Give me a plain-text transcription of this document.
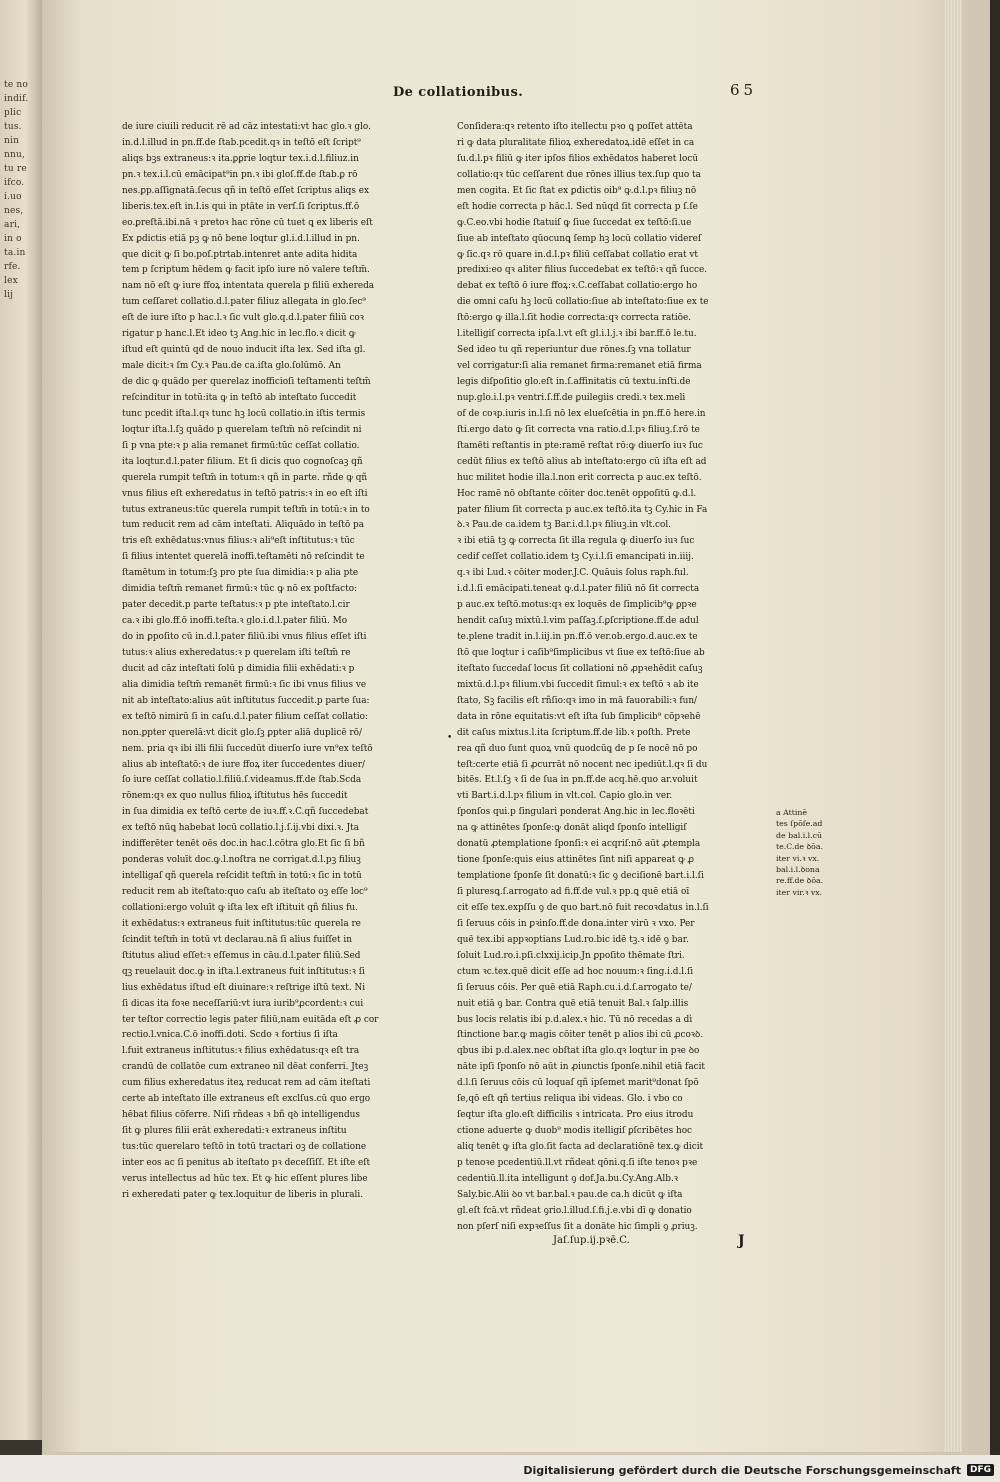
te no
indif.
plic
tus.
nin
nnu,
tu re
ifco.
i.uo
nes,
ari,
in o
ta.in
rfe.
lex
lij
De collationibus.	65
de iure ciuili reducit rē ad cāz intestati:vt hac glo.ꝛ glo.
in.d.l.illud in pn.ff.de ſtab.pcedit.qꝛ in teſtō eſt ſcript⁹
aliqs bꝫs extraneus:ꝛ ita.ꝑꝑrie loqtur tex.i.d.l.filiuz.in
pn.ꝛ tex.i.l.cū emācipat⁹in pn.ꝛ ibi gloſ.ff.de ſtab.ꝑ rō
nes.ꝑp.aſſignatā.ſecus qñ in teſtō eſſet ſcriptus aliqs ex
liberis.tex.eſt in.l.is qui in ptāte in verſ.ſi ſcriptus.ff.ō
eo.ꝑreſtā.ibi.nā ꝛ pretoꝛ hac rōne cū tuet ꝗ ex liberis eſt
Ex ꝑdictis etiā pꝫ ꝙ nō bene loqtur gl.i.d.l.illud in pn.
que dicit ꝙ ſi bo.poſ.ptrtab.intenret ante adita hidita
tem p ſcriptum hēdem ꝙ facit ipſo iure nō valere teſtm̄.
nam nō eſt ꝙ iure ffoꝝ intentata querela p filiū exhereda
tum ceſſaret collatio.d.l.pater filiuz allegata in glo.ſec⁹
eſt de iure iſto p hac.l.ꝛ ſic vult glo.q.d.l.pater filiū coꝛ
rigatur p hanc.l.Et ideo tꝫ Ang.hic in lec.flo.ꝛ dicit ꝙ
iſtud eſt quintū qd de nouo inducit iſta lex. Sed iſta gl.
male dicit:ꝛ ſm Cy.ꝛ Pau.de ca.iſta glo.ſolūmō. An
de dic ꝙ quādo per querelaz inofficioſi teſtamenti teſtm̄
reſcinditur in totū:ita ꝙ in teſtō ab inteſtato ſuccedit
tunc pcedit iſta.l.qꝛ tunc hꝫ locū collatio.in iſtis termis
loqtur iſta.l.ſꝫ quādo p querelam teſtm̄ nō reſcindit ni
ſi p vna pte:ꝛ p alia remanet firmū:tūc ceſſat collatio.
ita loqtur.d.l.pater filium. Et ſi dicis quo cognoſcaꝫ qñ
querela rumpit teſtm̄ in totum:ꝛ qñ in parte. rñde ꝙ qñ
vnus filius eſt exheredatus in teſtō patris:ꝛ in eo eſt iſti
tutus extraneus:tūc querela rumpit teſtm̄ in totū:ꝛ in to
tum reducit rem ad cām inteſtati. Aliquādo in teſtō pa
tris eſt exhēdatus:vnus filius:ꝛ ali⁹eſt inſtitutus:ꝛ tūc
ſi filius intentet querelā inoffi.teſtamēti nō reſcindit te
ſtamētum in totum:ſꝫ pro pte ſua dimidia:ꝛ p alia pte
dimidia teſtm̄ remanet firmū:ꝛ tūc ꝙ nō ex poſtfacto:
pater decedit.p parte teſtatus:ꝛ p pte inteſtato.l.cir
ca.ꝛ ibi glo.ff.ō inoffi.teſta.ꝛ glo.i.d.l.pater filiū. Mo
do in ꝑpoſito cū in.d.l.pater filiū.ibi vnus filius eſſet iſti
tutus:ꝛ alius exheredatus:ꝛ p querelam iſti teſtm̄ re
ducit ad cāz inteſtati ſolū p dimidia filii exhēdati:ꝛ p
alia dimidia teſtm̄ remanēt firmū:ꝛ ſic ibi vnus filius ve
nit ab inteſtato:alius aūt inſtitutus ſuccedit.p parte ſua:
ex teſtō nimirū ſi in caſu.d.l.pater filium ceſſat collatio:
non.ꝑpter querelā:vt dicit glo.ſꝫ ꝑpter aliā duplicē rō/
nem. pria qꝛ ibi illi filii ſuccedūt diuerſo iure vn⁹ex teſtō
alius ab inteſtatō:ꝛ de iure ffoꝝ iter ſuccedentes diuer/
ſo iure ceſſat collatio.l.filiū.ſ.videamus.ff.de ſtab.Scda
rōnem:qꝛ ex quo nullus filioꝝ iſtitutus hēs ſuccedit
in ſua dimidia ex teſtō certe de iuꝛ.ff.ꝛ.C.qñ ſuccedebat
ex teſtō nūꝗ habebat locū collatio.l.j.ſ.ij.vbi dixi.ꝛ. Jta
indifferēter tenēt oēs doc.in hac.l.cōtra glo.Et ſic ſi bñ
ponderas voluīt doc.ꝙ.l.noſtra ne corrigat.d.l.pꝫ filiuꝫ
intelligaſ qñ querela reſcidit teſtm̄ in totū:ꝛ ſic in totū
reducit rem ab iteſtato:quo caſu ab iteſtato oꝫ eſſe loc⁹
collationi:ergo voluīt ꝙ iſta lex eſt iſtituit qñ filius fu.
it exhēdatus:ꝛ extraneus fuit inſtitutus:tūc querela re
ſcindit teſtm̄ in totū vt declarau.nā ſi alius fuiſſet in
ſtitutus aliud eſſet:ꝛ eſſemus in cāu.d.l.pater filiū.Sed
qꝫ reuelauit doc.ꝙ in iſta.l.extraneus fuit inſtitutus:ꝛ ſi
lius exhēdatus iſtud eſt diuinare:ꝛ reſtrige iſtū text. Ni
ſi dicas ita foꝛe neceſſariū:vt iura iurib⁹ꝓcordent:ꝛ cui
ter teſtor correctio legis pater filiū,nam euitāda eſt ꝓ cor
rectio.l.vnica.C.ō inoffi.doti. Scdo ꝛ fortius ſi iſta
l.fuit extraneus inſtitutus:ꝛ filius exhēdatus:qꝛ eſt tra
crandū de collatōe cum extraneo nil dēat conferri. Jteꝫ
cum filius exheredatus iteꝝ reducat rem ad cām iteſtati
certe ab inteſtato ille extraneus eſt exclſus.cū quo ergo
hēbat filius cōferre. Niſi rñdeas ꝛ bñ qꝺ intelligendus
ſit ꝙ plures filii erāt exheredati:ꝛ extraneus inſtitu
tus:tūc querelaro teſtō in totū tractari oꝫ de collatione
inter eos ac ſi penitus ab iteſtato pꝛ deceſſiſſ. Et iſte eſt
verus intellectus ad hūc tex. Et ꝙ hic eſſent plures libe
ri exheredati pater ꝙ tex.loquitur de liberis in plurali.
Conſidera:qꝛ retento iſto itellectu pꝛo ꝗ poſſet attēta
ri ꝙ data pluralitate filioꝝ exheredatoꝝ.idē eſſet in ca
ſu.d.l.pꝛ filiū ꝙ iter ipſos filios exhēdatos haberet locū
collatio:qꝛ tūc ceſſarent due rōnes illius tex.ſup quo ta
men cogita. Et ſic ſtat ex ꝑdictis oib⁹ ꝙ.d.l.pꝛ filiuꝫ nō
eſt hodie correcta p hāc.l. Sed nūqd ſit correcta p ſ.ſe
ꝙ.C.eo.vbi hodie ſtatuiſ ꝙ ſiue ſuccedat ex teſtō:ſi.ue
ſiue ab inteſtato qūocunꝗ ſemp hꝫ locū collatio videreſ
ꝙ ſic.qꝛ rō quare in.d.l.pꝛ filiū ceſſabat collatio erat vt
predixi:eo qꝛ aliter filius ſuccedebat ex teſtō:ꝛ qñ ſucce.
debat ex teſtō ō iure ffoꝝ:ꝛ.C.ceſſabat collatio:ergo ho
die omni caſu hꝫ locū collatio:ſiue ab inteſtato:ſiue ex te
ſtō:ergo ꝙ illa.l.ſit hodie correcta:qꝛ correcta ratiōe.
l.itelligiſ correcta ipſa.l.vt eſt gl.i.l.j.ꝛ ibi bar.ff.ō le.tu.
Sed ideo tu qñ reperiuntur due rōnes.ſꝫ vna tollatur
vel corrigatur:ſi alia remanet firma:remanet etiā firma
legis diſpoſitio glo.eſt in.ſ.affinitatis cū textu.inſti.de
nup.glo.i.l.pꝛ ventri.ſ.ff.de ꝑuilegiis credi.ꝛ tex.meli
of de coꝛp.iuris in.l.ſi nō lex elueſcētia in pn.ff.ō here.in
ſti.ergo dato ꝙ ſit correcta vna ratio.d.l.pꝛ filiuꝫ.ſ.rō te
ſtamēti reſtantis in pte:ramē reſtat rō:ꝙ diuerſo iuꝛ ſuc
cedūt filius ex teſtō alius ab inteſtato:ergo cū iſta eſt ad
huc militet hodie illa.l.non erit correcta p auc.ex teſtō.
Hoc ramē nō obſtante cōiter doc.tenēt oppoſitū ꝙ.d.l.
pater filium ſit correcta p auc.ex teſtō.ita tꝫ Cy.hic in Fa
ꝺ.ꝛ Pau.de ca.idem tꝫ Bar.i.d.l.pꝛ filiuꝫ.in vlt.col.
ꝛ ibi etiā tꝫ ꝙ correcta ſit illa regula ꝙ diuerſo iuꝛ ſuc
cedif ceſſet collatio.idem tꝫ Cy.i.l.ſi emancipati in.iiij.
q.ꝛ ibi Lud.ꝛ cōiter moder.J.C. Quāuis ſolus raph.ful.
i.d.l.ſi emācipati.teneat ꝙ.d.l.pater filiū nō ſit correcta
p auc.ex teſtō.motus:qꝛ ex loquēs de ſimplicib⁹ꝙ ꝑpꝛe
hendit caſuꝫ mixtū.l.vim paſſaꝫ.ſ.ꝑſcriptione.ff.de adul
te.plene tradit in.l.iij.in pn.ff.ō ver.ob.ergo.d.auc.ex te
ſtō que loqtur i caſib⁹ſimplicibus vt ſiue ex teſtō:ſiue ab
iteſtato ſuccedaſ locus ſit collationi nō ꝓpꝛehēdit caſuꝫ
mixtū.d.l.pꝛ filium.vbi ſuccedit ſimul:ꝛ ex teſtō ꝛ ab ite
ſtato, Sꝫ facilis eſt rñſio:qꝛ imo in mā fauorabili:ꝛ fun/
data in rōne equitatis:vt eſt iſta ſub ſimplicib⁹ cōpꝛehē
dit caſus mixtus.l.ita ſcriptum.ff.de lib.ꝛ poſth. Prete
rea qñ duo ſunt quoꝝ vnū quodcūꝗ de p ſe nocē nō po
teſt:certe etiā ſi ꝓcurrāt nō nocent nec ipediūt.l.qꝛ ſi du
bitēs. Et.l.ſꝫ ꝛ ſi de ſua in pn.ff.de acq.hē.quo ar.voluit
vti Bart.i.d.l.pꝛ filium in vlt.col. Capio glo.in ver.
ſponſos qui.p ſingulari ponderat Ang.hic in lec.floꝛēti
na ꝙ attinētes ſponſe:ꝙ donāt aliqd ſponſo intelligiſ
donatū ꝓtemplatione ſponſi:ꝛ ei acqriſ:nō aūt ꝓtempla
tione ſponſe:quis eius attinētes ſint niſi appareat ꝙ ꝓ
templatione ſponſe ſit donatū:ꝛ ſic ꝯ deciſionē bart.i.l.ſi
ſi pluresꝗ.ſ.arrogato ad fi.ff.de vul.ꝛ pp.ꝗ quē etiā oī
cit eſſe tex.expſſu ꝯ de quo bart.nō fuit recoꝛdatus in.l.ſi
ſi ſeruus cōis in ꝑꝛinſo.ff.de dona.inter virū ꝛ vxo. Per
quē tex.ibi appꝛoptians Lud.ro.bic idē tꝫ.ꝛ idē ꝯ bar.
ſoluit Lud.ro.i.pſi.clxxij.icip.Jn ꝑpoſito thēmate ſtri.
ctum ꝛc.tex.quē dicit eſſe ad hoc nouum:ꝛ ſing.i.d.l.ſi
ſi ſeruus cōis. Per quē etiā Raph.cu.i.d.ſ.arrogato te/
nuit etiā ꝯ bar. Contra quē etiā tenuit Bal.ꝛ ſalp.illis
bus locis relatis ibi p.d.alex.ꝛ hic. Tū nō recedas a dì
ſtinctione bar.ꝙ magis cōiter tenēt p alios ibi cū ꝓcoꝛꝺ.
qbus ibi p.d.alex.nec obſtat iſta glo.qꝛ loqtur in pꝛe ꝺo
nāte ipſi ſponſo nō aūt in ꝓiunctis ſponſe.nihil etiā facit
d.l.ſi ſeruus cōis cū loquaſ qñ ipſemet marit⁹donat ſpō
ſe,qō eſt qñ tertius reliqua ibi videas. Glo. i vbo co
ſeqtur iſta glo.eſt difficilis ꝛ intricata. Pro eius itrodu
ctione aduerte ꝙ duob⁹ modis itelligiſ ꝑſcribētes hoc
aliq tenēt ꝙ iſta glo.ſit facta ad declaratiōnē tex.ꝙ dicit
p tenoꝛe pcedentiū.ll.vt rñdeat qōni.q.ſi iſte tenoꝛ pꝛe
cedentiū.ll.ita intelligunt ꝯ dof.Ja.bu.Cy.Ang.Alb.ꝛ
Saly.bic.Alii ꝺo vt bar.bal.ꝛ pau.de ca.h dicūt ꝙ iſta
gl.eſt fcā.vt rñdeat ꝯrio.l.illud.ſ.fi.j.e.vbi dī ꝙ donatio
non pſerſ niſi expꝛeſſus ſit a donāte hic ſimpli ꝯ ꝓriuꝫ.
•
a Attinē
tes ſpōſe.ad
de bal.i.l.cū
te.C.de ꝺōa.
iter vi.ꝛ vx.
bal.i.l.ꝺona
re.ff.de ꝺōa.
iter vir.ꝛ vx.
Jaſ.ſup.ij.pꝛē.C.	J
Digitalisierung gefördert durch die Deutsche Forschungsgemeinschaft	DFG
